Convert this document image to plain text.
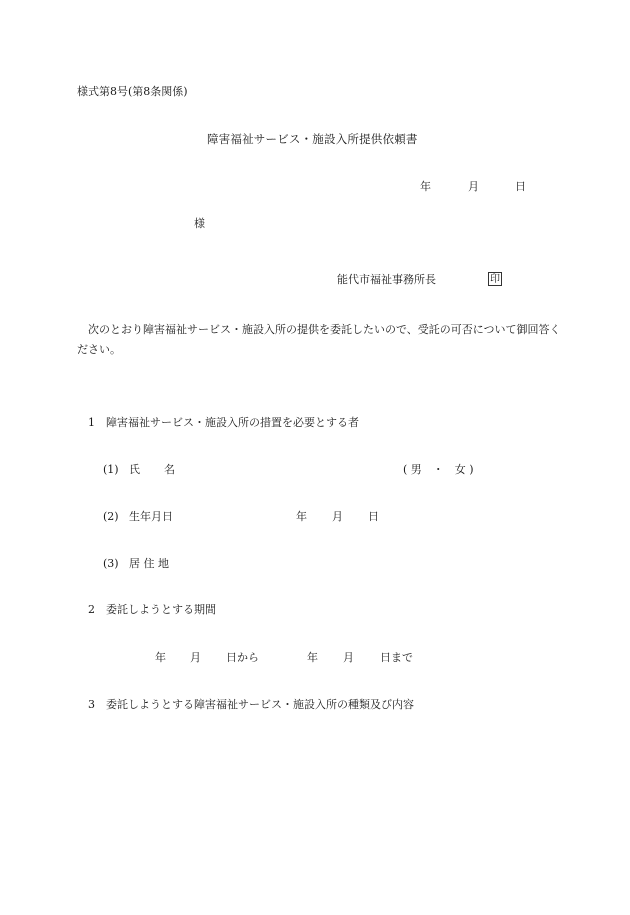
様式第8号(第8条関係)
障害福祉サービス・施設入所提供依頼書
年	月	日
様
能代市福祉事務所長	印
次のとおり障害福祉サービス・施設入所の提供を委託したいので、受託の可否について御回答ください。
1　障害福祉サービス・施設入所の措置を必要とする者
(1) 氏 名	( 男　・　女 )
(2) 生年月日	年 月 日
(3) 居 住 地
2　委託しようとする期間
年 月 日から	年 月 日まで
3　委託しようとする障害福祉サービス・施設入所の種類及び内容
